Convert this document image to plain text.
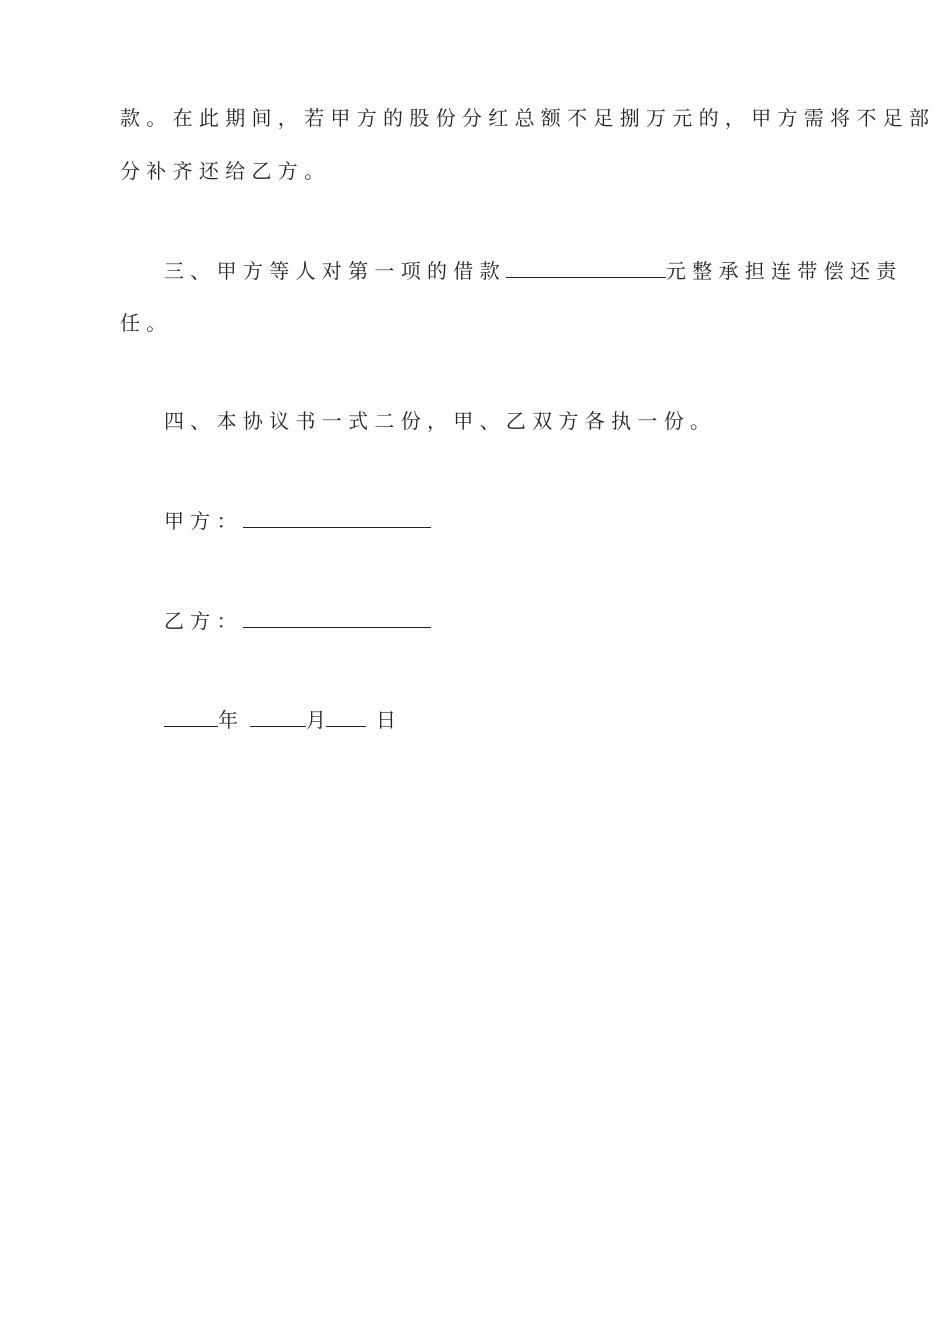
款。在此期间，若甲方的股份分红总额不足捌万元的，甲方需将不足部
分补齐还给乙方。
三、甲方等人对第一项的借款	元整承担连带偿还责
任。
四、本协议书一式二份，甲、乙双方各执一份。
甲方：
乙方：
年	月	日
